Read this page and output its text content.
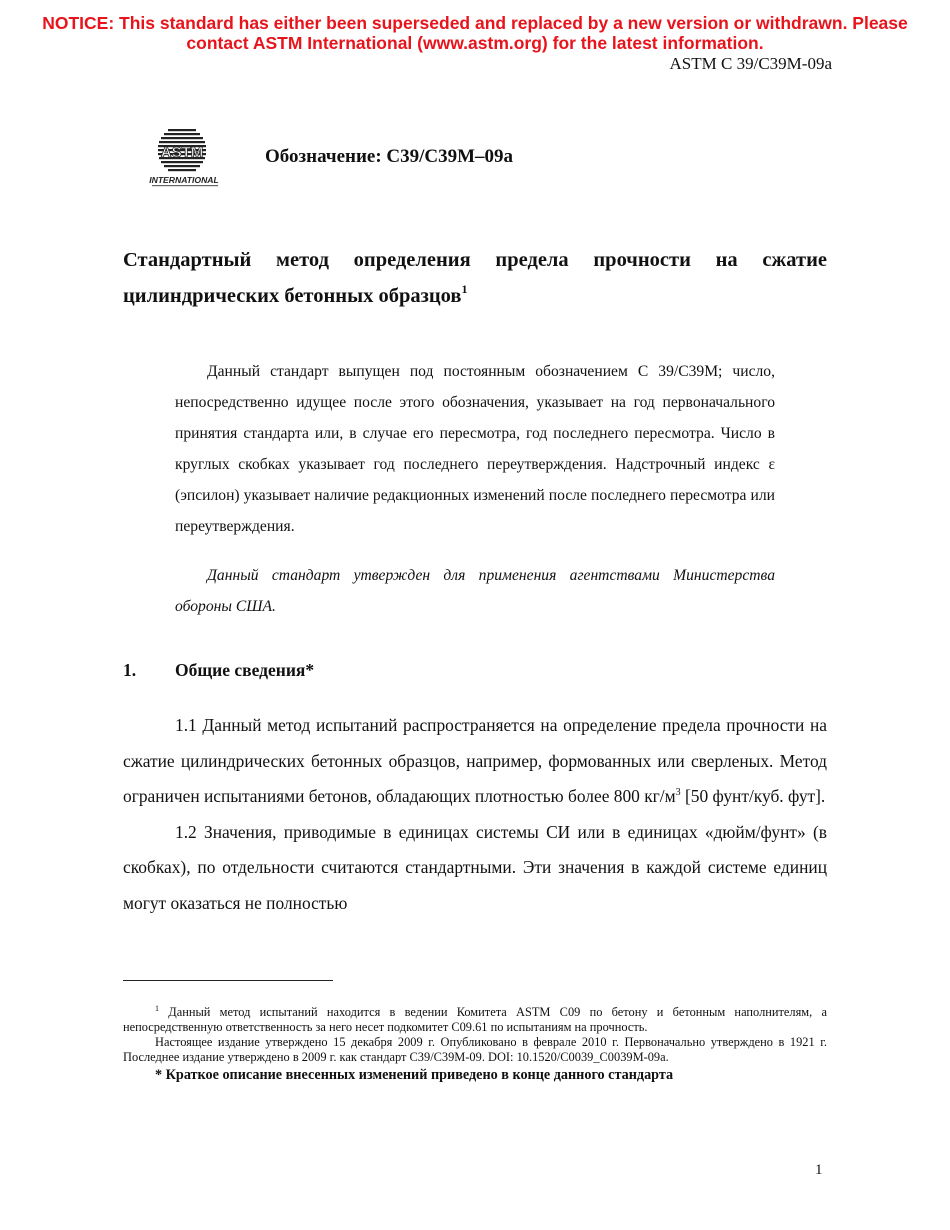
NOTICE: This standard has either been superseded and replaced by a new version or withdrawn. Please
contact ASTM International (www.astm.org) for the latest information.
ASTM C 39/C39M-09a
ASTM
INTERNATIONAL
Обозначение: C39/C39M–09a
Стандартный метод определения предела прочности на сжатие цилиндрических бетонных образцов$^1$

Данный стандарт выпущен под постоянным обозначением C 39/C39M; число, непосредственно идущее после этого обозначения, указывает на год первоначального принятия стандарта или, в случае его пересмотра, год последнего пересмотра. Число в круглых скобках указывает год последнего переутверждения. Надстрочный индекс ε (эпсилон) указывает наличие редакционных изменений после последнего пересмотра или переутверждения.

Данный стандарт утвержден для применения агентствами Министерства обороны США.

1. Общие сведения*

1.1 Данный метод испытаний распространяется на определение предела прочности на сжатие цилиндрических бетонных образцов, например, формованных или сверленых. Метод ограничен испытаниями бетонов, обладающих плотностью более 800 $кг/м^3$ [50 фунт/куб. фут].

1.2 Значения, приводимые в единицах системы СИ или в единицах «дюйм/фунт» (в скобках), по отдельности считаются стандартными. Эти значения в каждой системе единиц могут оказаться не полностью

$^1$ Данный метод испытаний находится в ведении Комитета ASTM C09 по бетону и бетонным наполнителям, а непосредственную ответственность за него несет подкомитет C09.61 по испытаниям на прочность.

Настоящее издание утверждено 15 декабря 2009 г. Опубликовано в феврале 2010 г. Первоначально утверждено в 1921 г. Последнее издание утверждено в 2009 г. как стандарт C39/C39M-09. DOI: 10.1520/C0039_C0039M-09a.

* Краткое описание внесенных изменений приведено в конце данного стандарта

1
